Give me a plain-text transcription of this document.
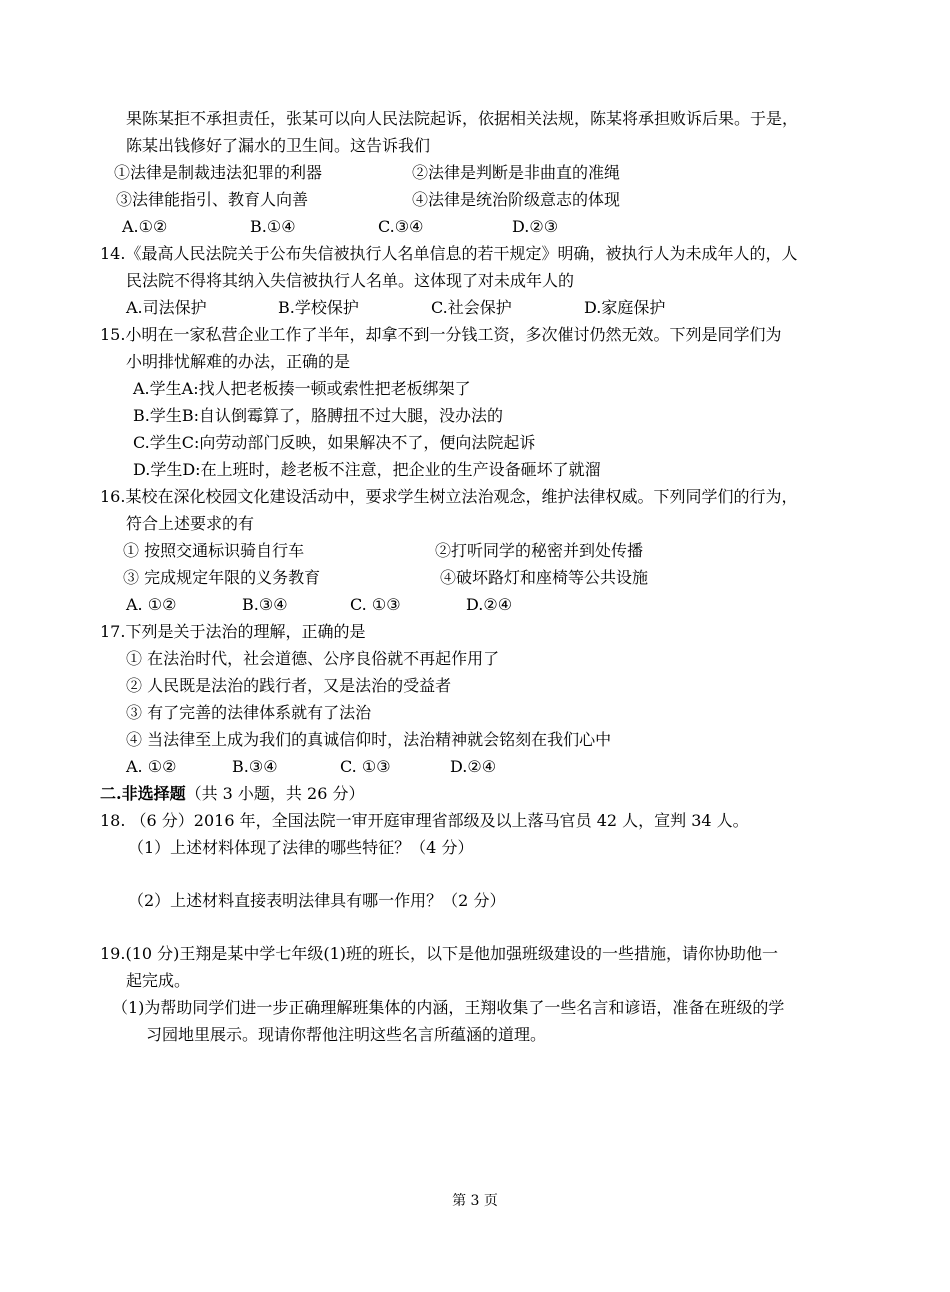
果陈某拒不承担责任，张某可以向人民法院起诉，依据相关法规，陈某将承担败诉后果。于是，
陈某出钱修好了漏水的卫生间。这告诉我们
①法律是制裁违法犯罪的利器	②法律是判断是非曲直的准绳
③法律能指引、教育人向善	④法律是统治阶级意志的体现
A.①②	B.①④	C.③④	D.②③
14.《最高人民法院关于公布失信被执行人名单信息的若干规定》明确，被执行人为未成年人的，人
民法院不得将其纳入失信被执行人名单。这体现了对未成年人的
A.司法保护	B.学校保护	C.社会保护	D.家庭保护
15.小明在一家私营企业工作了半年，却拿不到一分钱工资，多次催讨仍然无效。下列是同学们为
小明排忧解难的办法，正确的是
A.学生A:找人把老板揍一顿或索性把老板绑架了
B.学生B:自认倒霉算了，胳膊扭不过大腿，没办法的
C.学生C:向劳动部门反映，如果解决不了，便向法院起诉
D.学生D:在上班时，趁老板不注意，把企业的生产设备砸坏了就溜
16.某校在深化校园文化建设活动中，要求学生树立法治观念，维护法律权威。下列同学们的行为，
符合上述要求的有
① 按照交通标识骑自行车	②打听同学的秘密并到处传播
③ 完成规定年限的义务教育	④破坏路灯和座椅等公共设施
A. ①②	B.③④	C. ①③	D.②④
17.下列是关于法治的理解，正确的是
① 在法治时代，社会道德、公序良俗就不再起作用了
② 人民既是法治的践行者，又是法治的受益者
③ 有了完善的法律体系就有了法治
④ 当法律至上成为我们的真诚信仰时，法治精神就会铭刻在我们心中
A. ①②	B.③④	C. ①③	D.②④
二.非选择题（共 3 小题，共 26 分）
18. （6 分）2016 年，全国法院一审开庭审理省部级及以上落马官员 42 人，宣判 34 人。
（1）上述材料体现了法律的哪些特征？（4 分）
（2）上述材料直接表明法律具有哪一作用？（2 分）
19.(10 分)王翔是某中学七年级(1)班的班长，以下是他加强班级建设的一些措施，请你协助他一
起完成。
（1)为帮助同学们进一步正确理解班集体的内涵，王翔收集了一些名言和谚语，准备在班级的学
习园地里展示。现请你帮他注明这些名言所蕴涵的道理。
第 3 页
